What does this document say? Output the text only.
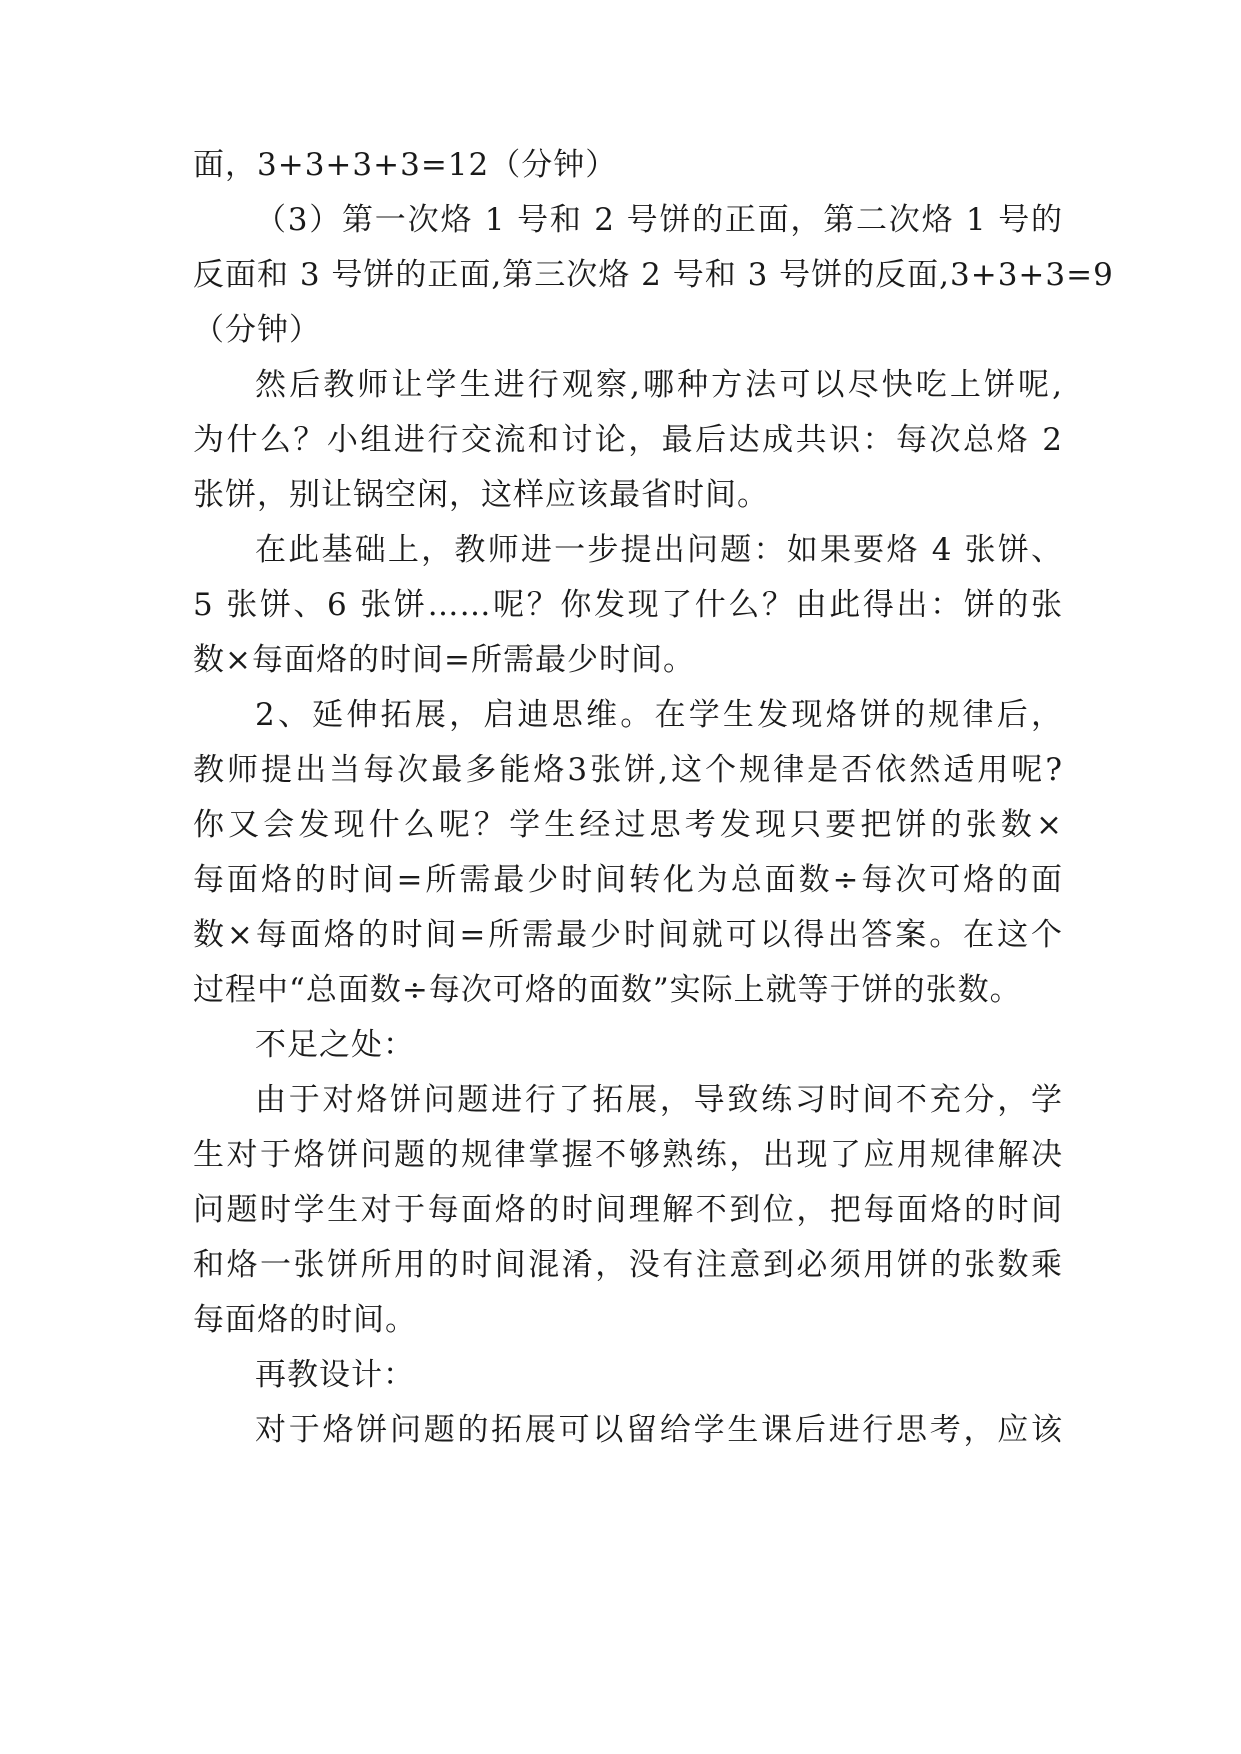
面，3+3+3+3=12（分钟）
（3）第一次烙 1 号和 2 号饼的正面，第二次烙 1 号的
反面和 3 号饼的正面,第三次烙 2 号和 3 号饼的反面,3+3+3=9
（分钟）
然后教师让学生进行观察,哪种方法可以尽快吃上饼呢,
为什么？小组进行交流和讨论，最后达成共识：每次总烙 2
张饼，别让锅空闲，这样应该最省时间。
在此基础上，教师进一步提出问题：如果要烙 4 张饼、
5 张饼、6 张饼……呢？你发现了什么？由此得出：饼的张
数×每面烙的时间=所需最少时间。
2、延伸拓展，启迪思维。在学生发现烙饼的规律后，
教师提出当每次最多能烙3张饼,这个规律是否依然适用呢?
你又会发现什么呢？学生经过思考发现只要把饼的张数×
每面烙的时间=所需最少时间转化为总面数÷每次可烙的面
数×每面烙的时间=所需最少时间就可以得出答案。在这个
过程中“总面数÷每次可烙的面数”实际上就等于饼的张数。
不足之处：
由于对烙饼问题进行了拓展，导致练习时间不充分，学
生对于烙饼问题的规律掌握不够熟练，出现了应用规律解决
问题时学生对于每面烙的时间理解不到位，把每面烙的时间
和烙一张饼所用的时间混淆，没有注意到必须用饼的张数乘
每面烙的时间。
再教设计：
对于烙饼问题的拓展可以留给学生课后进行思考，应该
